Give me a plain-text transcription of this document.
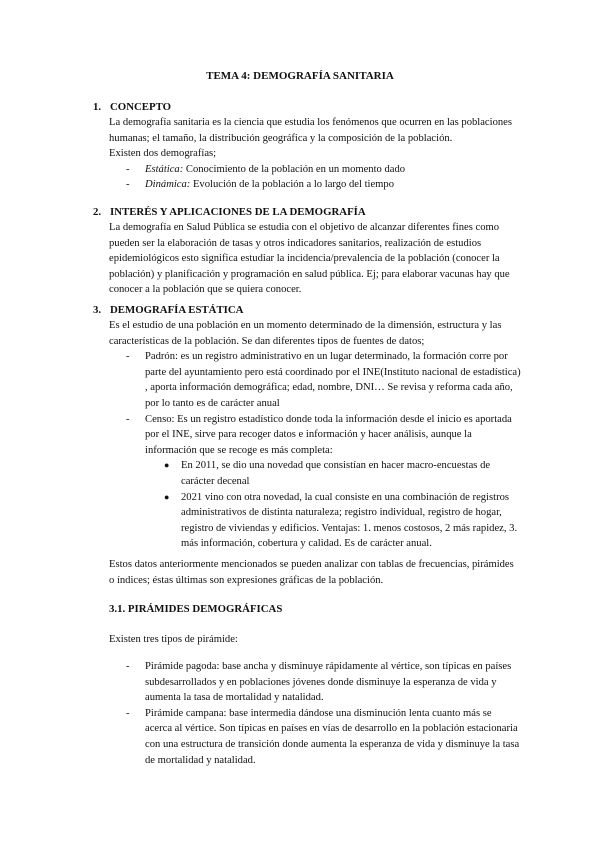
TEMA 4: DEMOGRAFÍA SANITARIA
1. CONCEPTO

La demografía sanitaria es la ciencia que estudia los fenómenos que ocurren en las poblaciones humanas; el tamaño, la distribución geográfica y la composición de la población.

Existen dos demografías;

- Estática: Conocimiento de la población en un momento dado
- Dinámica: Evolución de la población a lo largo del tiempo
2. INTERÉS Y APLICACIONES DE LA DEMOGRAFÍA

La demografía en Salud Pública se estudia con el objetivo de alcanzar diferentes fines como pueden ser la elaboración de tasas y otros indicadores sanitarios, realización de estudios epidemiológicos esto significa estudiar la incidencia/prevalencia de la población (conocer la población) y planificación y programación en salud pública. Ej; para elaborar vacunas hay que conocer a la población que se quiera conocer.

3. DEMOGRAFÍA ESTÁTICA

Es el estudio de una población en un momento determinado de la dimensión, estructura y las características de la población. Se dan diferentes tipos de fuentes de datos;

- Padrón: es un registro administrativo en un lugar determinado, la formación corre por parte del ayuntamiento pero está coordinado por el INE(Instituto nacional de estadística) , aporta información demográfica; edad, nombre, DNI… Se revisa y reforma cada año, por lo tanto es de carácter anual
- Censo: Es un registro estadístico donde toda la información desde el inicio es aportada por el INE, sirve para recoger datos e información y hacer análisis, aunque la información que se recoge es más completa:
● En 2011, se dio una novedad que consistían en hacer macro-encuestas de carácter decenal
● 2021 vino con otra novedad, la cual consiste en una combinación de registros administrativos de distinta naturaleza; registro individual, registro de hogar, registro de viviendas y edificios. Ventajas: 1. menos costosos, 2 más rapidez, 3. más información, cobertura y calidad. Es de carácter anual.

Estos datos anteriormente mencionados se pueden analizar con tablas de frecuencias, pirámides o índices; éstas últimas son expresiones gráficas de la población.

3.1. PIRÁMIDES DEMOGRÁFICAS

Existen tres tipos de pirámide:

- Pirámide pagoda: base ancha y disminuye rápidamente al vértice, son típicas en países subdesarrollados y en poblaciones jóvenes donde disminuye la esperanza de vida y aumenta la tasa de mortalidad y natalidad.
- Pirámide campana: base intermedia dándose una disminución lenta cuanto más se acerca al vértice. Son típicas en países en vías de desarrollo en la población estacionaria con una estructura de transición donde aumenta la esperanza de vida y disminuye la tasa de mortalidad y natalidad.
